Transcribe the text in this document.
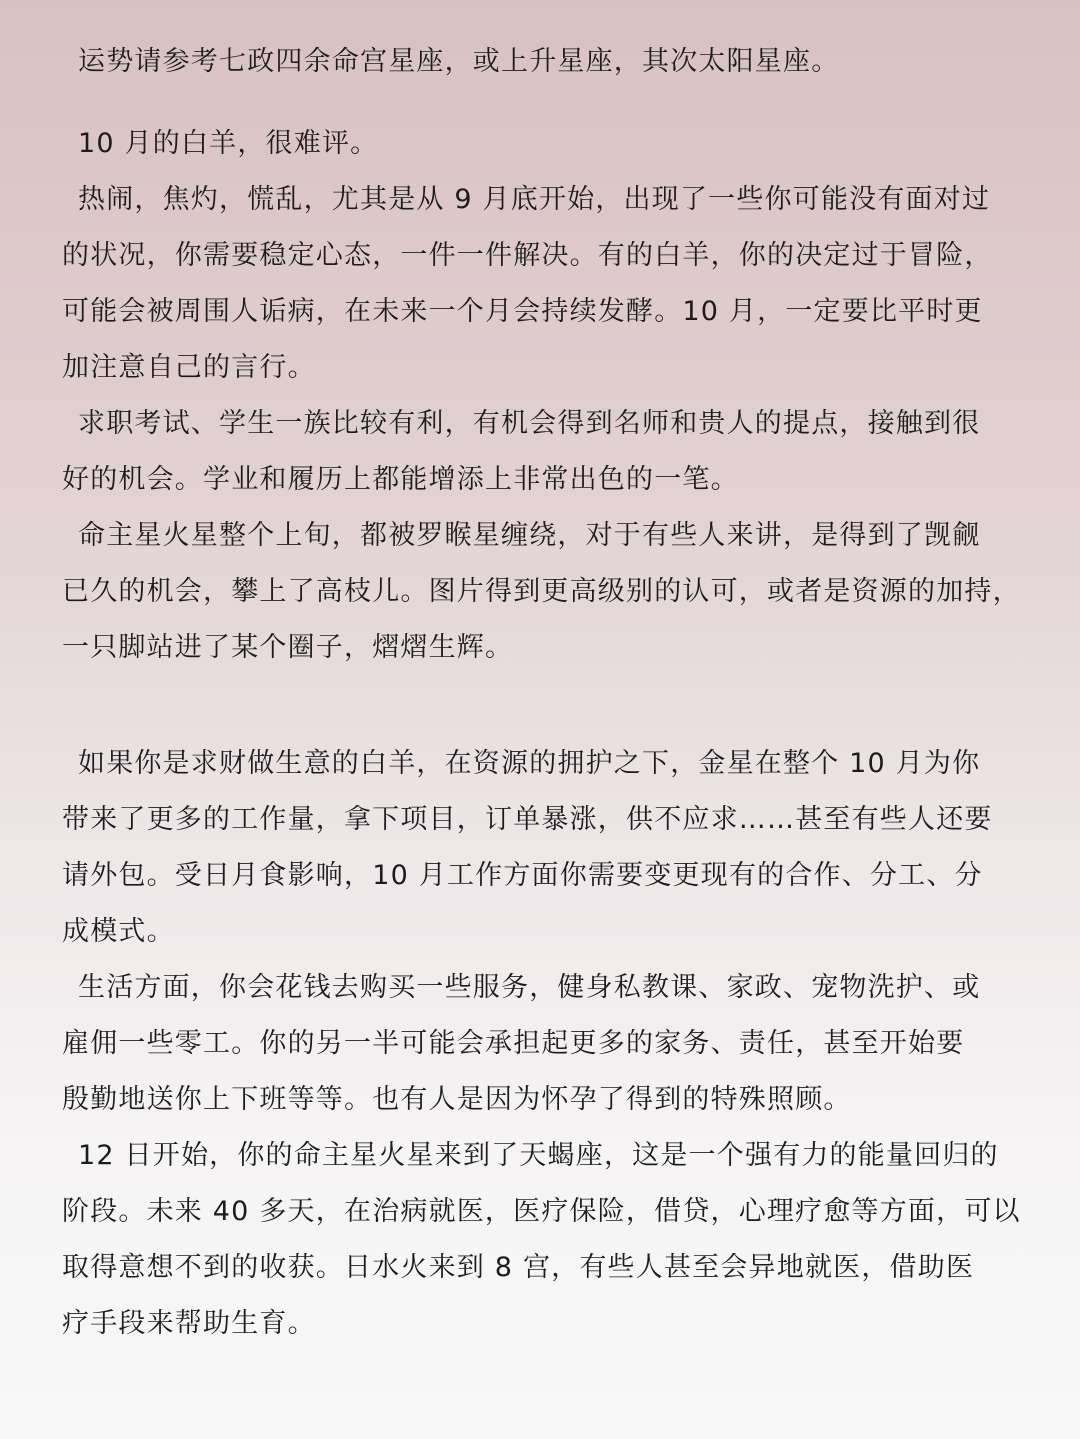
运势请参考七政四余命宫星座，或上升星座，其次太阳星座。

10 月的白羊，很难评。

热闹，焦灼，慌乱，尤其是从 9 月底开始，出现了一些你可能没有面对过

的状况，你需要稳定心态，一件一件解决。有的白羊，你的决定过于冒险，

可能会被周围人诟病，在未来一个月会持续发酵。10 月，一定要比平时更

加注意自己的言行。

求职考试、学生一族比较有利，有机会得到名师和贵人的提点，接触到很

好的机会。学业和履历上都能增添上非常出色的一笔。

命主星火星整个上旬，都被罗睺星缠绕，对于有些人来讲，是得到了觊觎

已久的机会，攀上了高枝儿。图片得到更高级别的认可，或者是资源的加持，

一只脚站进了某个圈子，熠熠生辉。

如果你是求财做生意的白羊，在资源的拥护之下，金星在整个 10 月为你

带来了更多的工作量，拿下项目，订单暴涨，供不应求……甚至有些人还要

请外包。受日月食影响，10 月工作方面你需要变更现有的合作、分工、分

成模式。

生活方面，你会花钱去购买一些服务，健身私教课、家政、宠物洗护、或

雇佣一些零工。你的另一半可能会承担起更多的家务、责任，甚至开始要

殷勤地送你上下班等等。也有人是因为怀孕了得到的特殊照顾。

12 日开始，你的命主星火星来到了天蝎座，这是一个强有力的能量回归的

阶段。未来 40 多天，在治病就医，医疗保险，借贷，心理疗愈等方面，可以

取得意想不到的收获。日水火来到 8 宫，有些人甚至会异地就医，借助医

疗手段来帮助生育。
